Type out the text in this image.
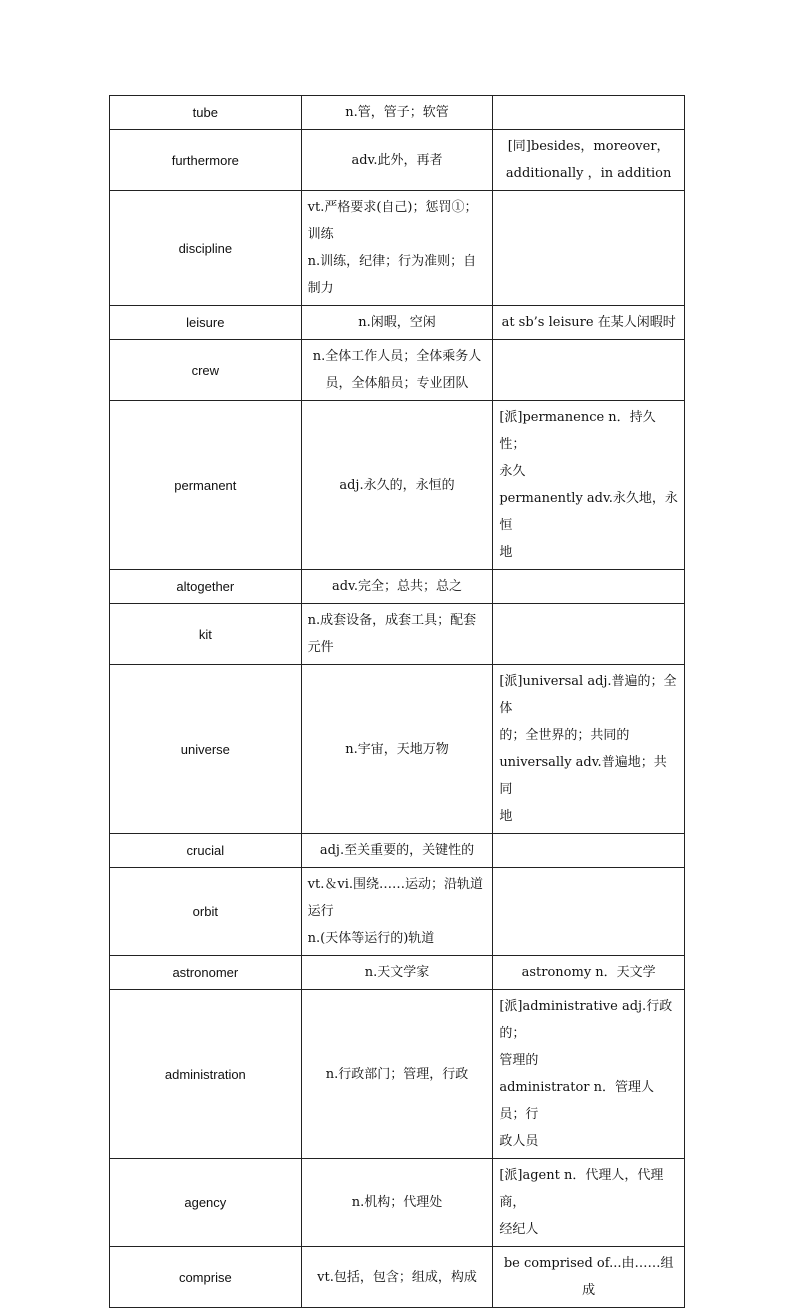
tube	n.管，管子；软管	

furthermore	adv.此外，再者	[同]besides，moreover，
additionally ，in addition

discipline	vt.严格要求(自己)；惩罚①；
训练
n.训练，纪律；行为准则；自
制力	

leisure	n.闲暇，空闲	at sb’s leisure 在某人闲暇时

crew	n.全体工作人员；全体乘务人
员，全体船员；专业团队	

permanent	adj.永久的，永恒的	[派]permanence n．持久性；
永久
permanently adv.永久地，永恒
地

altogether	adv.完全；总共；总之	

kit	n.成套设备，成套工具；配套
元件	

universe	n.宇宙，天地万物	[派]universal adj.普遍的；全体
的；全世界的；共同的
universally adv.普遍地；共同
地

crucial	adj.至关重要的，关键性的	

orbit	vt.＆vi.围绕……运动；沿轨道
运行
n.(天体等运行的)轨道	

astronomer	n.天文学家	astronomy n．天文学

administration	n.行政部门；管理，行政	[派]administrative adj.行政的；
管理的
administrator n．管理人员；行
政人员

agency	n.机构；代理处	[派]agent n．代理人，代理商，
经纪人

comprise	vt.包括，包含；组成，构成	be comprised of...由……组成
